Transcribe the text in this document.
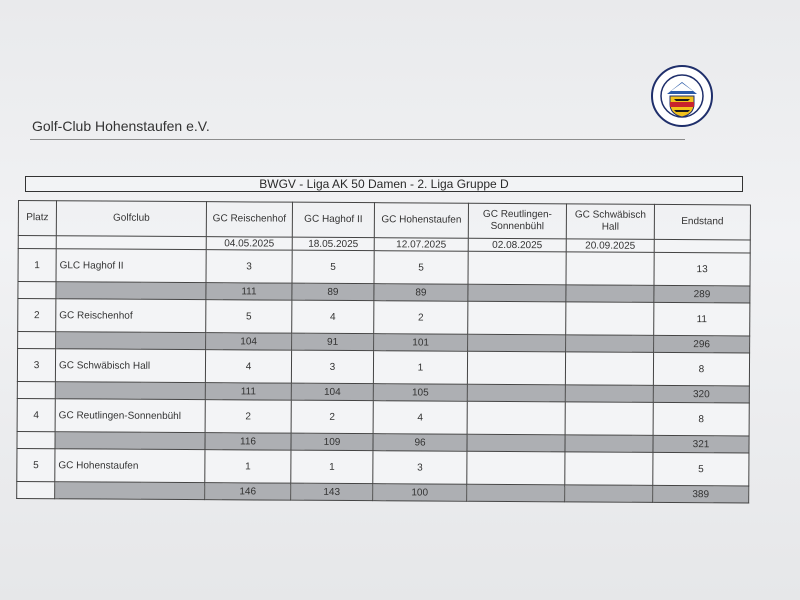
Golf-Club Hohenstaufen e.V.
BWGV - Liga AK 50 Damen - 2. Liga Gruppe D
Platz	Golfclub	GC Reischenhof	GC Haghof II	GC Hohenstaufen	GC Reutlingen-Sonnenbühl	GC Schwäbisch Hall	Endstand
		04.05.2025	18.05.2025	12.07.2025	02.08.2025	20.09.2025	
1	GLC Haghof II	3	5	5			13
		111	89	89			289
2	GC Reischenhof	5	4	2			11
		104	91	101			296
3	GC Schwäbisch Hall	4	3	1			8
		111	104	105			320
4	GC Reutlingen-Sonnenbühl	2	2	4			8
		116	109	96			321
5	GC Hohenstaufen	1	1	3			5
		146	143	100			389
